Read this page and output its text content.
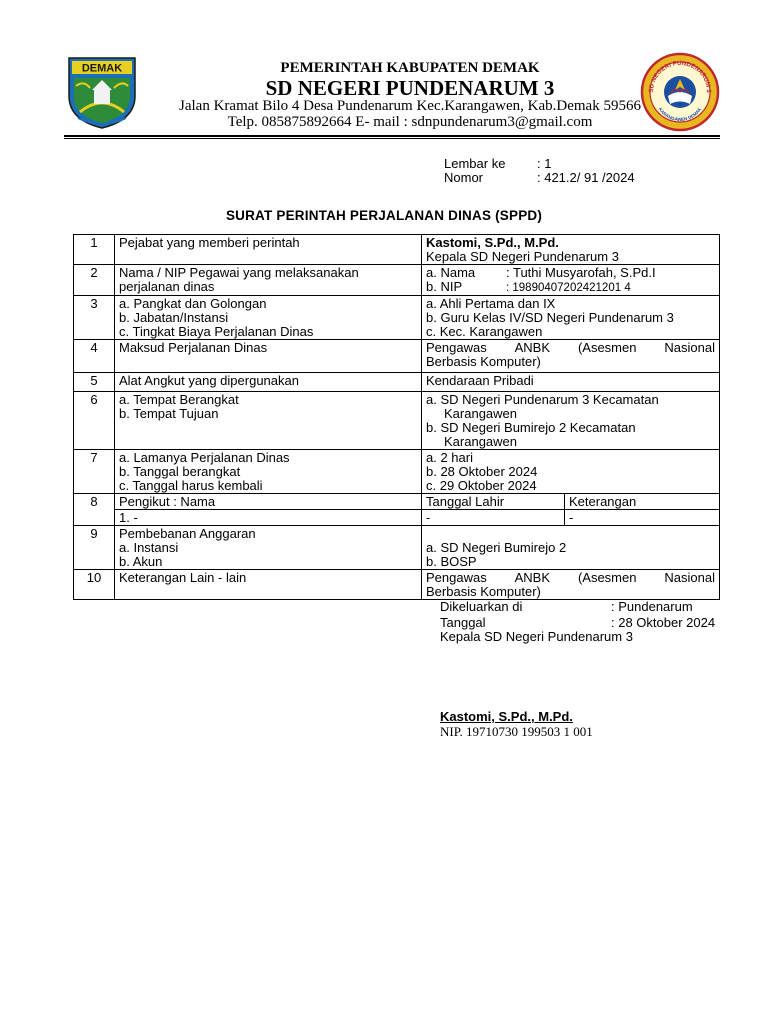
DEMAK
SD NEGERI PUNDENARUM 3
KARANGAWEN DEMAK
PEMERINTAH KABUPATEN DEMAK
SD NEGERI PUNDENARUM 3
Jalan Kramat Bilo 4 Desa Pundenarum Kec.Karangawen, Kab.Demak 59566
Telp. 085875892664 E- mail : sdnpundenarum3@gmail.com
Lembar ke : 1
Nomor	: 421.2/ 91 /2024
SURAT PERINTAH PERJALANAN DINAS (SPPD)
1	Pejabat yang memberi perintah	Kastomi, S.Pd., M.Pd.
Kepala SD Negeri Pundenarum 3	

2	Nama / NIP Pegawai yang melaksanakan
perjalanan dinas	a. Nama : Tuthi Musyarofah, S.Pd.I
b. NIP : 19890407202421201 4	

3	a. Pangkat dan Golongan
b. Jabatan/Instansi
c. Tingkat Biaya Perjalanan Dinas	a. Ahli Pertama dan IX
b. Guru Kelas IV/SD Negeri Pundenarum 3
c. Kec. Karangawen	

4	Maksud Perjalanan Dinas	Pengawas ANBK (Asesmen Nasional
Berbasis Komputer)	

5	Alat Angkut yang dipergunakan	Kendaraan Pribadi	
6	a. Tempat Berangkat
b. Tempat Tujuan	a. SD Negeri Pundenarum 3 Kecamatan
Karangawen
b. SD Negeri Bumirejo 2 Kecamatan
Karangawen	

7	a. Lamanya Perjalanan Dinas
b. Tanggal berangkat
c. Tanggal harus kembali	a. 2 hari
b. 28 Oktober 2024
c. 29 Oktober 2024	

8	Pengikut : Nama	Tanggal Lahir	Keterangan
	1. -	-	-
9	Pembebanan Anggaran
a. Instansi
b. Akun	a. SD Negeri Bumirejo 2
b. BOSP	

10	Keterangan Lain - lain	Pengawas ANBK (Asesmen Nasional
Berbasis Komputer)	
Dikeluarkan di	: Pundenarum
Tanggal	: 28 Oktober 2024
Kepala SD Negeri Pundenarum 3
Kastomi, S.Pd., M.Pd.
NIP. 19710730 199503 1 001
